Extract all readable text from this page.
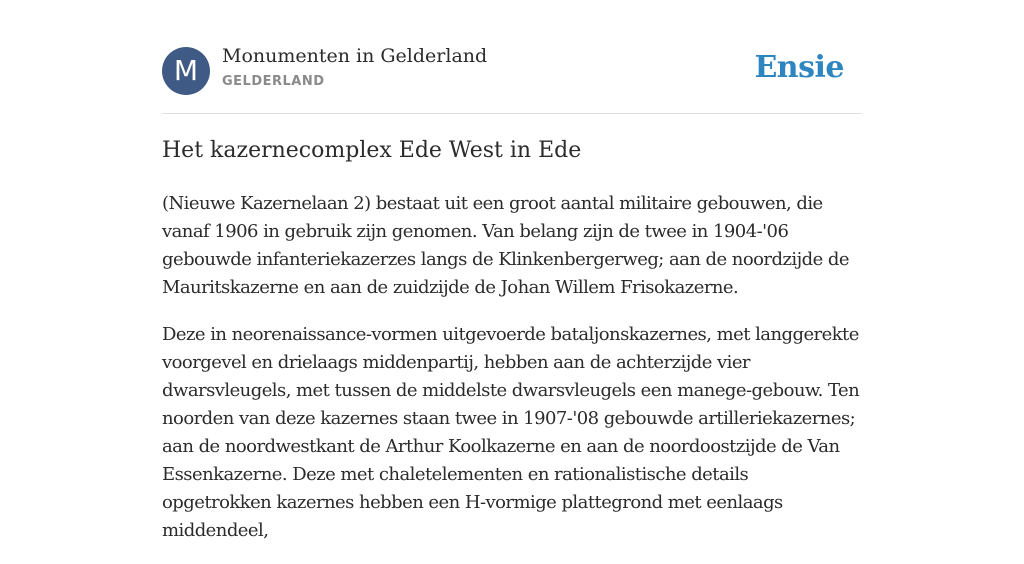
M	Monumenten in Gelderland
GELDERLAND	Ensie
Het kazernecomplex Ede West in Ede

(Nieuwe Kazernelaan 2) bestaat uit een groot aantal militaire gebouwen, die vanaf 1906 in gebruik zijn genomen. Van belang zijn de twee in 1904-'06 gebouwde infanteriekazerzes langs de Klinkenbergerweg; aan de noordzijde de Mauritskazerne en aan de zuidzijde de Johan Willem Frisokazerne.

Deze in neorenaissance-vormen uitgevoerde bataljonskazernes, met langgerekte voorgevel en drielaags middenpartij, hebben aan de achterzijde vier dwarsvleugels, met tussen de middelste dwarsvleugels een manege-gebouw. Ten noorden van deze kazernes staan twee in 1907-'08 gebouwde artilleriekazernes; aan de noordwestkant de Arthur Koolkazerne en aan de noordoostzijde de Van Essenkazerne. Deze met chaletelementen en rationalistische details opgetrokken kazernes hebben een H-vormige plattegrond met eenlaags middendeel,
